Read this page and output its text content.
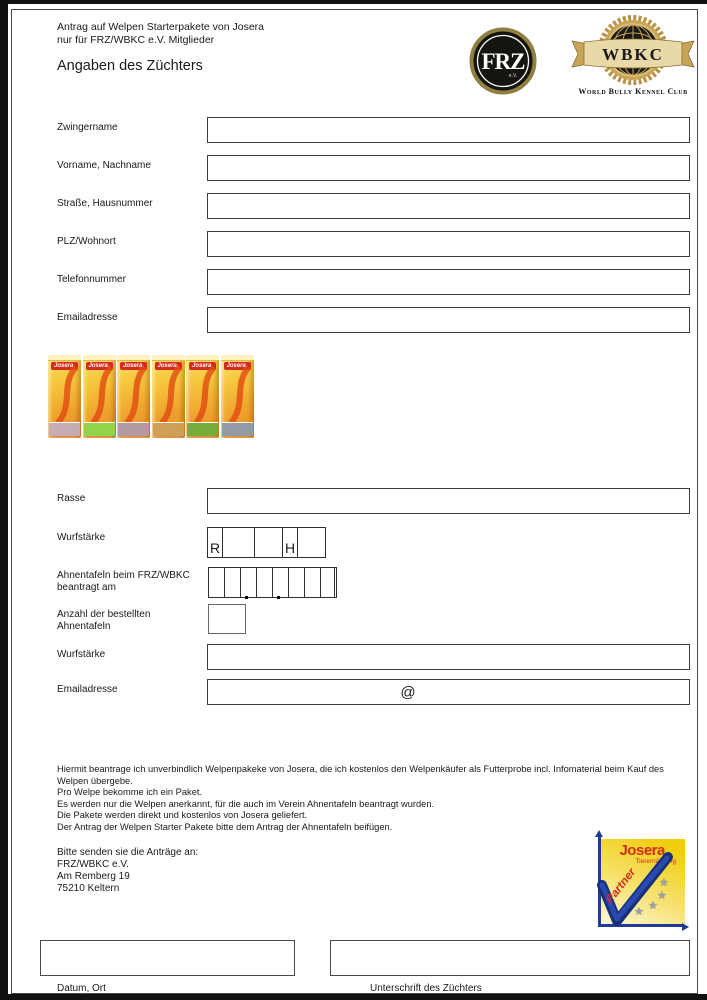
Antrag auf Welpen Starterpakete von Josera
nur für FRZ/WBKC e.V. Mitglieder
Angaben des Züchters	FRZ
e.V.
WBKC
World Bully Kennel Club
Zwingername
Vorname, Nachname
Straße, Hausnummer
PLZ/Wohnort
Telefonnummer
Emailadresse
Josera.	Josera.	Josera.	Josera.	Josera.	Josera.
Rasse
Wurfstärke
R	H
Ahnentafeln beim FRZ/WBKC
beantragt am
Anzahl der bestellten
Ahnentafeln
Wurfstärke
Emailadresse	@
Hiermit beantrage ich unverbindlich Welpenpakeke von Josera, die ich kostenlos den Welpenkäufer als Futterprobe incl. Infomaterial beim Kauf des
Welpen übergebe.
Pro Welpe bekomme ich ein Paket.
Es werden nur die Welpen anerkannt, für die auch im Verein Ahnentafeln beantragt wurden.
Die Pakete werden direkt und kostenlos von Josera geliefert.
Der Antrag der Welpen Starter Pakete bitte dem Antrag der Ahnentafeln beifügen.
Bitte senden sie die Anträge an:
FRZ/WBKC e.V.
Am Remberg 19
75210 Keltern
Josera.
Tierernährung
★
★
★
★
★
★
Partner
Datum, Ort	Unterschrift des Züchters
